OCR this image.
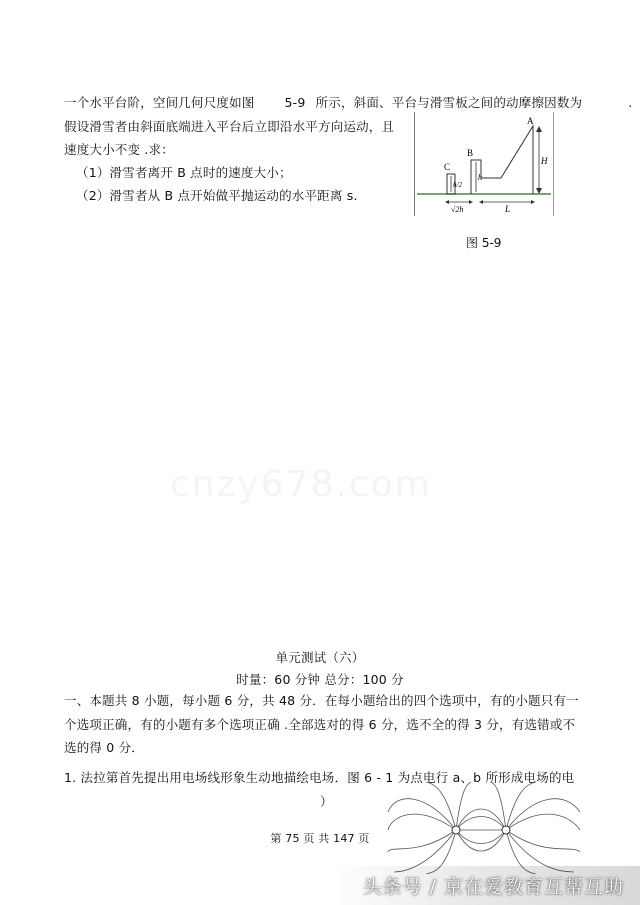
一个水平台阶，空间几何尺度如图 5-9 所示，斜面、平台与滑雪板之间的动摩擦因数为	.
假设滑雪者由斜面底端进入平台后立即沿水平方向运动，且
速度大小不变 .求：
（1）滑雪者离开 B 点时的速度大小；
（2）滑雪者从 B 点开始做平抛运动的水平距离 s.
A
B
C
H
h
h/2
√2h	L
图 5-9
cnzy678.com
单元测试（六）
时量：60 分钟 总分：100 分
一、本题共 8 小题，每小题 6 分，共 48 分．在每小题给出的四个选项中，有的小题只有一
个选项正确，有的小题有多个选项正确 .全部选对的得 6 分，选不全的得 3 分，有选错或不
选的得 0 分．
1. 法拉第首先提出用电场线形象生动地描绘电场．图 6 - 1 为点电行 a、b 所形成电场的电
）
第 75 页 共 147 页
头条号 / 京在爱教育互帮互助
